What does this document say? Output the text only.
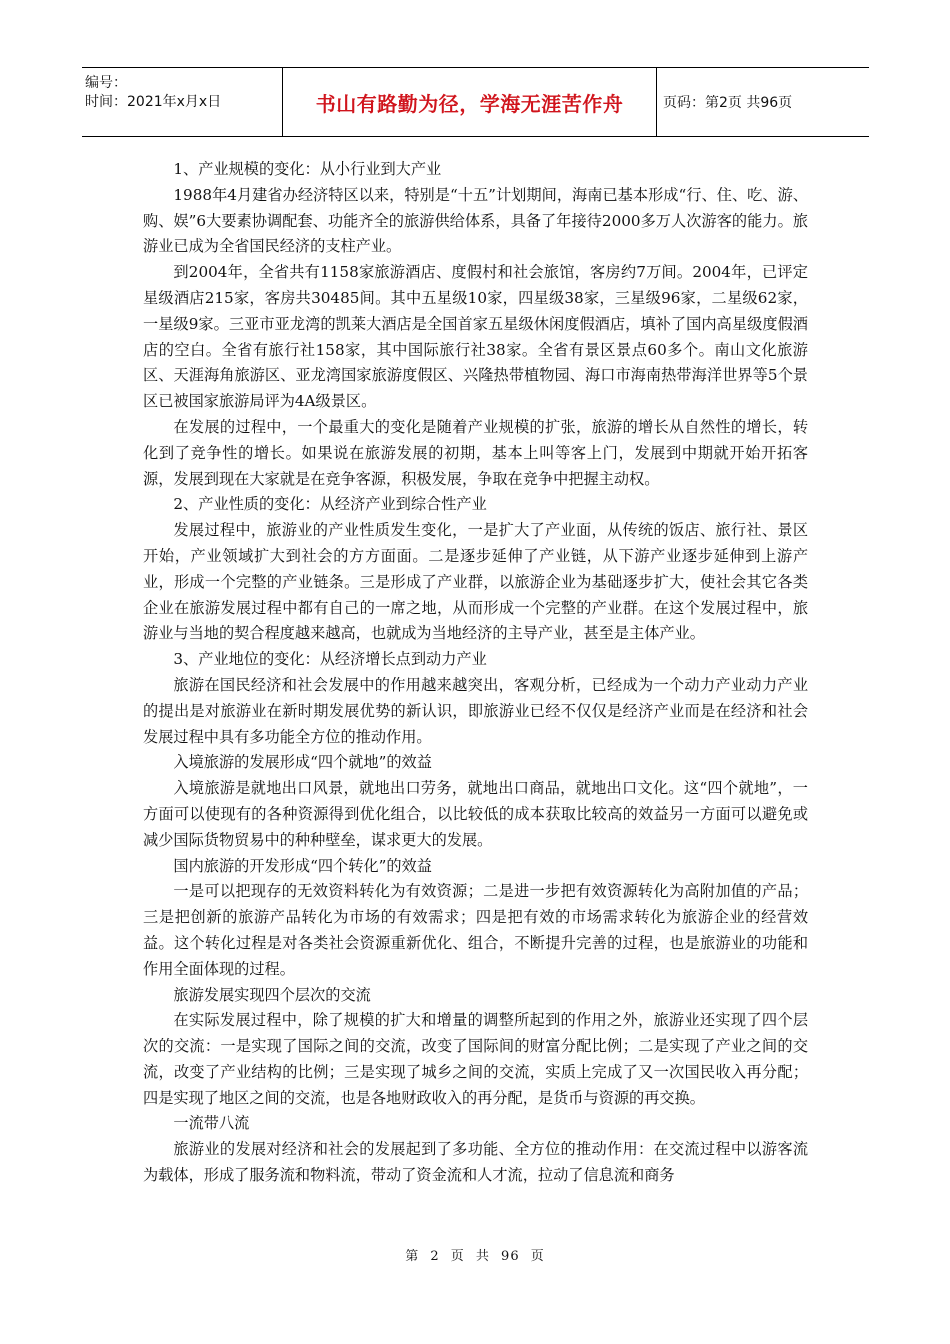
编号：
时间：2021年x月x日	书山有路勤为径，学海无涯苦作舟	页码：第2页 共96页

1、产业规模的变化：从小行业到大产业

1988年4月建省办经济特区以来，特别是“十五”计划期间，海南已基本形成“行、住、吃、游、购、娱”6大要素协调配套、功能齐全的旅游供给体系，具备了年接待2000多万人次游客的能力。旅游业已成为全省国民经济的支柱产业。

到2004年，全省共有1158家旅游酒店、度假村和社会旅馆，客房约7万间。2004年，已评定星级酒店215家，客房共30485间。其中五星级10家，四星级38家，三星级96家，二星级62家，一星级9家。三亚市亚龙湾的凯莱大酒店是全国首家五星级休闲度假酒店，填补了国内高星级度假酒店的空白。全省有旅行社158家，其中国际旅行社38家。全省有景区景点60多个。南山文化旅游区、天涯海角旅游区、亚龙湾国家旅游度假区、兴隆热带植物园、海口市海南热带海洋世界等5个景区已被国家旅游局评为4A级景区。

在发展的过程中，一个最重大的变化是随着产业规模的扩张，旅游的增长从自然性的增长，转化到了竞争性的增长。如果说在旅游发展的初期，基本上叫等客上门，发展到中期就开始开拓客源，发展到现在大家就是在竞争客源，积极发展，争取在竞争中把握主动权。

2、产业性质的变化：从经济产业到综合性产业

发展过程中，旅游业的产业性质发生变化，一是扩大了产业面，从传统的饭店、旅行社、景区开始，产业领域扩大到社会的方方面面。二是逐步延伸了产业链，从下游产业逐步延伸到上游产业，形成一个完整的产业链条。三是形成了产业群，以旅游企业为基础逐步扩大，使社会其它各类企业在旅游发展过程中都有自己的一席之地，从而形成一个完整的产业群。在这个发展过程中，旅游业与当地的契合程度越来越高，也就成为当地经济的主导产业，甚至是主体产业。

3、产业地位的变化：从经济增长点到动力产业

旅游在国民经济和社会发展中的作用越来越突出，客观分析，已经成为一个动力产业动力产业的提出是对旅游业在新时期发展优势的新认识，即旅游业已经不仅仅是经济产业而是在经济和社会发展过程中具有多功能全方位的推动作用。

入境旅游的发展形成“四个就地”的效益

入境旅游是就地出口风景，就地出口劳务，就地出口商品，就地出口文化。这“四个就地”，一方面可以使现有的各种资源得到优化组合，以比较低的成本获取比较高的效益另一方面可以避免或减少国际货物贸易中的种种壁垒，谋求更大的发展。

国内旅游的开发形成“四个转化”的效益

一是可以把现存的无效资料转化为有效资源；二是进一步把有效资源转化为高附加值的产品；三是把创新的旅游产品转化为市场的有效需求；四是把有效的市场需求转化为旅游企业的经营效益。这个转化过程是对各类社会资源重新优化、组合，不断提升完善的过程，也是旅游业的功能和作用全面体现的过程。

旅游发展实现四个层次的交流

在实际发展过程中，除了规模的扩大和增量的调整所起到的作用之外，旅游业还实现了四个层次的交流：一是实现了国际之间的交流，改变了国际间的财富分配比例；二是实现了产业之间的交流，改变了产业结构的比例；三是实现了城乡之间的交流，实质上完成了又一次国民收入再分配；四是实现了地区之间的交流，也是各地财政收入的再分配，是货币与资源的再交换。

一流带八流

旅游业的发展对经济和社会的发展起到了多功能、全方位的推动作用：在交流过程中以游客流为载体，形成了服务流和物料流，带动了资金流和人才流，拉动了信息流和商务

第 2 页 共 96 页
